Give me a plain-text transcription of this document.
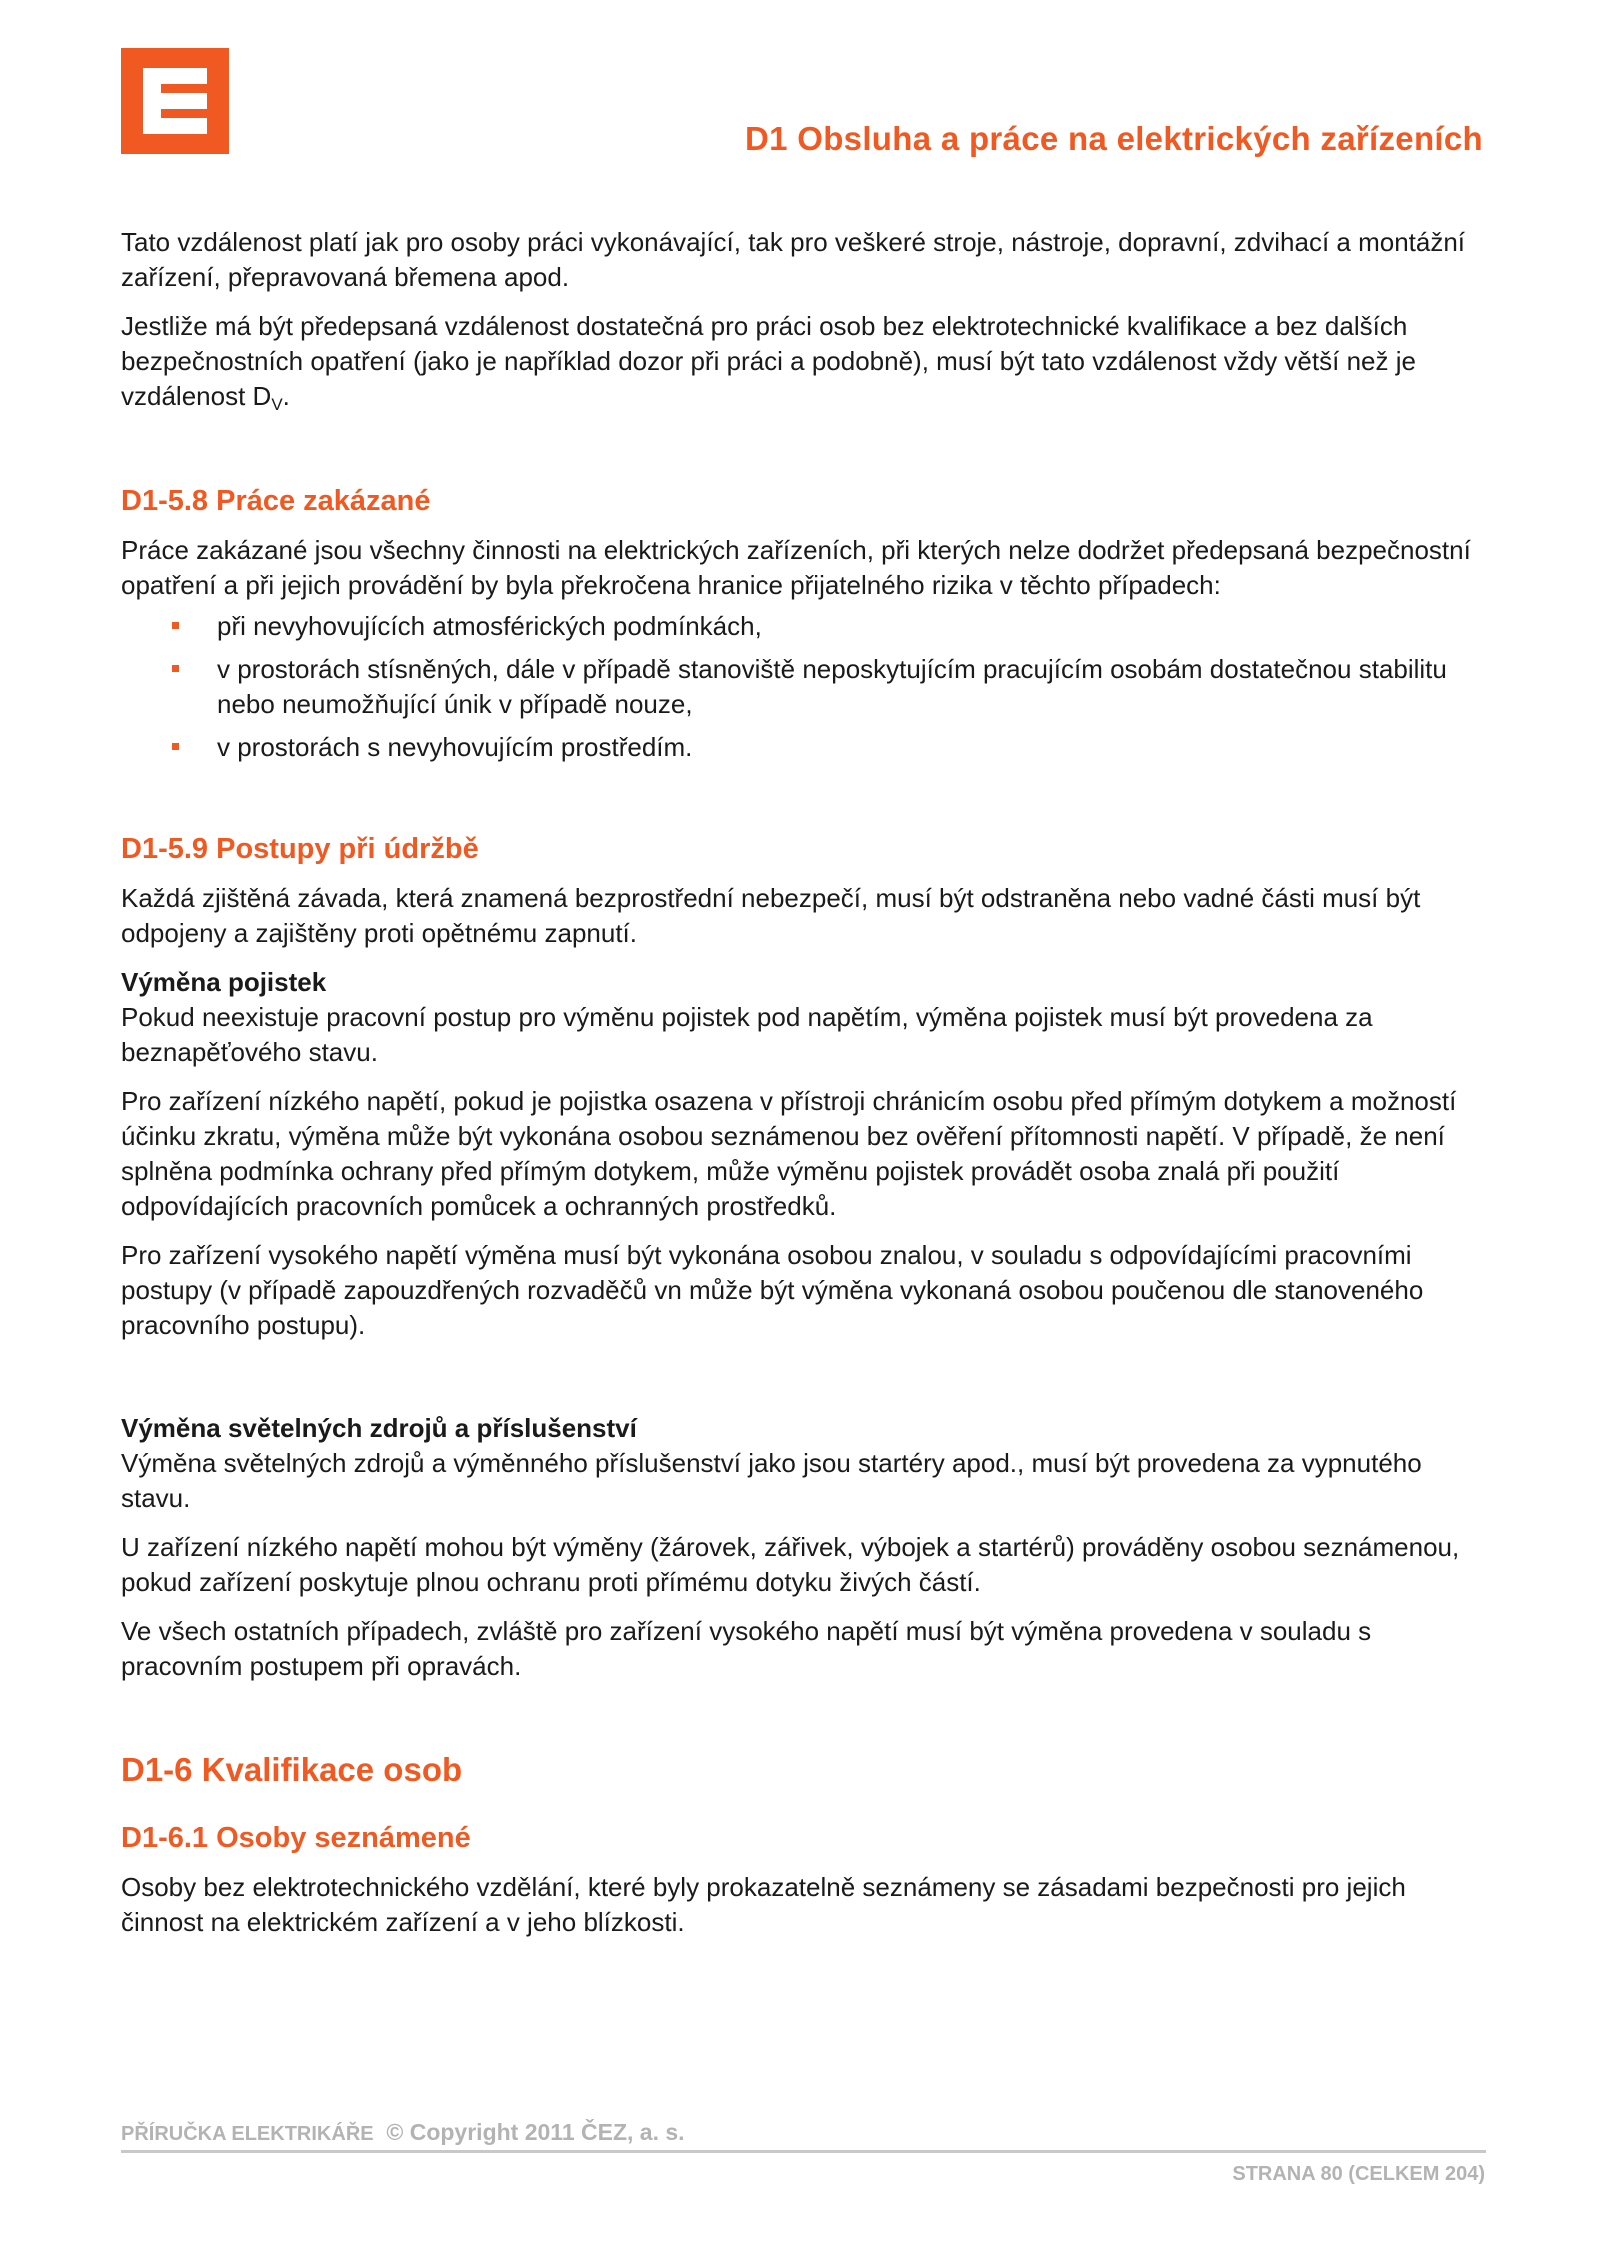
D1 Obsluha a práce na elektrických zařízeních

Tato vzdálenost platí jak pro osoby práci vykonávající, tak pro veškeré stroje, nástroje, dopravní, zdvihací a montážní zařízení, přepravovaná břemena apod.

Jestliže má být předepsaná vzdálenost dostatečná pro práci osob bez elektrotechnické kvalifikace a bez dalších bezpečnostních opatření (jako je například dozor při práci a podobně), musí být tato vzdálenost vždy větší než je vzdálenost DV.

D1-5.8 Práce zakázané

Práce zakázané jsou všechny činnosti na elektrických zařízeních, při kterých nelze dodržet předepsaná bezpečnostní opatření a při jejich provádění by byla překročena hranice přijatelného rizika v těchto případech:

při nevyhovujících atmosférických podmínkách,
v prostorách stísněných, dále v případě stanoviště neposkytujícím pracujícím osobám dostatečnou stabilitu nebo neumožňující únik v případě nouze,
v prostorách s nevyhovujícím prostředím.
D1-5.9 Postupy při údržbě

Každá zjištěná závada, která znamená bezprostřední nebezpečí, musí být odstraněna nebo vadné části musí být odpojeny a zajištěny proti opětnému zapnutí.

Výměna pojistek

Pokud neexistuje pracovní postup pro výměnu pojistek pod napětím, výměna pojistek musí být provedena za beznapěťového stavu.

Pro zařízení nízkého napětí, pokud je pojistka osazena v přístroji chránicím osobu před přímým dotykem a možností účinku zkratu, výměna může být vykonána osobou seznámenou bez ověření přítomnosti napětí. V případě, že není splněna podmínka ochrany před přímým dotykem, může výměnu pojistek provádět osoba znalá při použití odpovídajících pracovních pomůcek a ochranných prostředků.

Pro zařízení vysokého napětí výměna musí být vykonána osobou znalou, v souladu s odpovídajícími pracovními postupy (v případě zapouzdřených rozvaděčů vn může být výměna vykonaná osobou poučenou dle stanoveného pracovního postupu).

Výměna světelných zdrojů a příslušenství

Výměna světelných zdrojů a výměnného příslušenství jako jsou startéry apod., musí být provedena za vypnutého stavu.

U zařízení nízkého napětí mohou být výměny (žárovek, zářivek, výbojek a startérů) prováděny osobou seznámenou, pokud zařízení poskytuje plnou ochranu proti přímému dotyku živých částí.

Ve všech ostatních případech, zvláště pro zařízení vysokého napětí musí být výměna provedena v souladu s pracovním postupem při opravách.

D1-6 Kvalifikace osob
D1-6.1 Osoby seznámené

Osoby bez elektrotechnického vzdělání, které byly prokazatelně seznámeny se zásadami bezpečnosti pro jejich činnost na elektrickém zařízení a v jeho blízkosti.

PŘÍRUČKA ELEKTRIKÁŘE © Copyright 2011 ČEZ, a. s.

STRANA 80 (CELKEM 204)
